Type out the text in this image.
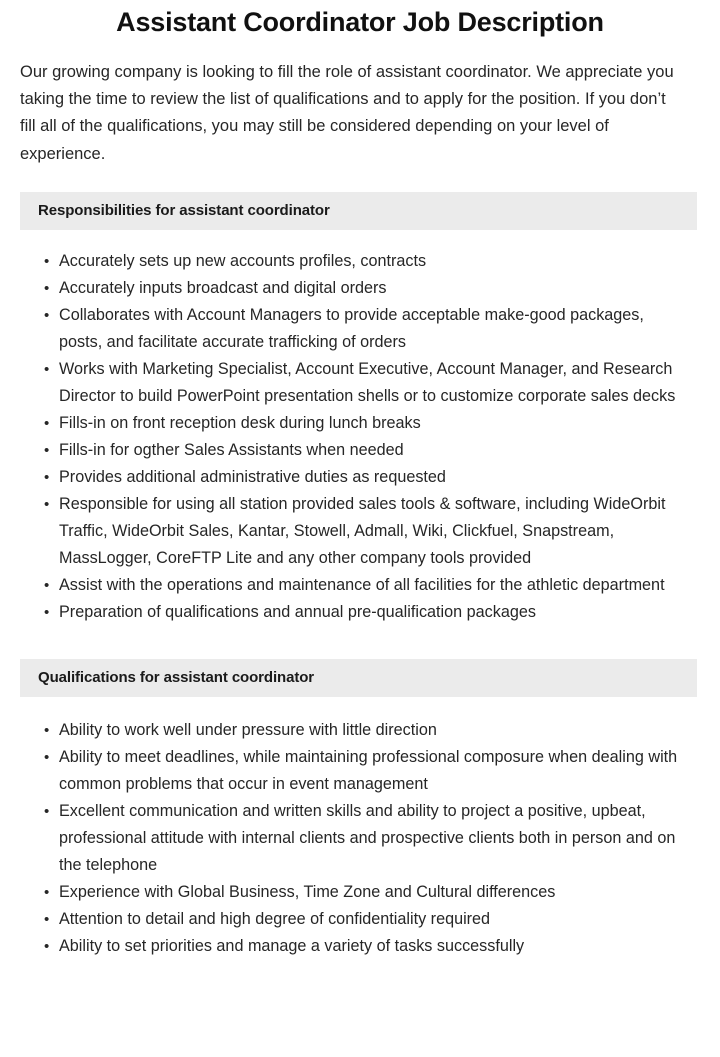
Assistant Coordinator Job Description

Our growing company is looking to fill the role of assistant coordinator. We appreciate you taking the time to review the list of qualifications and to apply for the position. If you don’t fill all of the qualifications, you may still be considered depending on your level of experience.

Responsibilities for assistant coordinator
• Accurately sets up new accounts profiles, contracts
• Accurately inputs broadcast and digital orders
• Collaborates with Account Managers to provide acceptable make-good packages, posts, and facilitate accurate trafficking of orders
• Works with Marketing Specialist, Account Executive, Account Manager, and Research Director to build PowerPoint presentation shells or to customize corporate sales decks
• Fills-in on front reception desk during lunch breaks
• Fills-in for ogther Sales Assistants when needed
• Provides additional administrative duties as requested
• Responsible for using all station provided sales tools & software, including WideOrbit Traffic, WideOrbit Sales, Kantar, Stowell, Admall, Wiki, Clickfuel, Snapstream, MassLogger, CoreFTP Lite and any other company tools provided
• Assist with the operations and maintenance of all facilities for the athletic department
• Preparation of qualifications and annual pre-qualification packages
Qualifications for assistant coordinator
• Ability to work well under pressure with little direction
• Ability to meet deadlines, while maintaining professional composure when dealing with common problems that occur in event management
• Excellent communication and written skills and ability to project a positive, upbeat, professional attitude with internal clients and prospective clients both in person and on the telephone
• Experience with Global Business, Time Zone and Cultural differences
• Attention to detail and high degree of confidentiality required
• Ability to set priorities and manage a variety of tasks successfully
